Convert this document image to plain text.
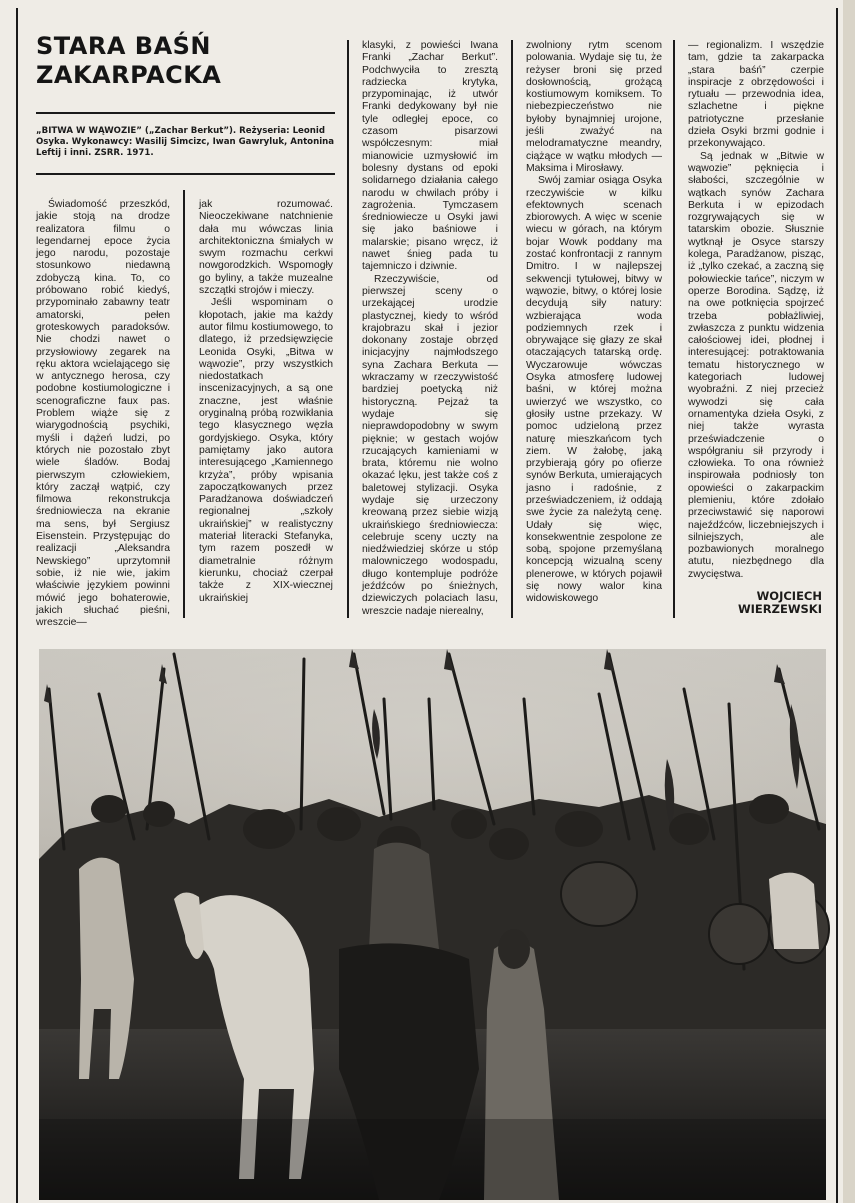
STARA BAŚŃ
ZAKARPACKA
„BITWA W WĄWOZIE” („Zachar Berkut”). Reżyseria: Leonid Osyka. Wykonawcy: Wasilij Simcizc, Iwan Gawryluk, Antonina Leftij i inni. ZSRR. 1971.

Świadomość przeszkód, jakie stoją na drodze realizatora filmu o legendarnej epoce życia jego narodu, pozostaje stosunkowo niedawną zdobyczą kina. To, co próbowano robić kiedyś, przypominało zabawny teatr amatorski, pełen groteskowych paradoksów. Nie chodzi nawet o przysłowiowy zegarek na ręku aktora wcielającego się w antycznego herosa, czy podobne kostiumologiczne i scenograficzne faux pas. Problem wiąże się z wiarygodnością psychiki, myśli i dążeń ludzi, po których nie pozostało zbyt wiele śladów. Bodaj pierwszym człowiekiem, który zaczął wątpić, czy filmowa rekonstrukcja średniowiecza na ekranie ma sens, był Sergiusz Eisenstein. Przystępując do realizacji „Aleksandra Newskiego” uprzytomnił sobie, iż nie wie, jakim właściwie językiem powinni mówić jego bohaterowie, jakich słuchać pieśni, wreszcie—

jak rozumować. Nieoczekiwane natchnienie dała mu wówczas linia architektoniczna śmiałych w swym rozmachu cerkwi nowgorodzkich. Wspomogły go byliny, a także muzealne szczątki strojów i mieczy.

Jeśli wspominam o kłopotach, jakie ma każdy autor filmu kostiumowego, to dlatego, iż przedsięwzięcie Leonida Osyki, „Bitwa w wąwozie”, przy wszystkich niedostatkach inscenizacyjnych, a są one znaczne, jest właśnie oryginalną próbą rozwikłania tego klasycznego węzła gordyjskiego. Osyka, który pamiętamy jako autora interesującego „Kamiennego krzyża”, próby wpisania zapoczątkowanych przez Paradżanowa doświadczeń regionalnej „szkoły ukraińskiej” w realistyczny materiał literacki Stefanyka, tym razem poszedł w diametralnie różnym kierunku, chociaż czerpał także z XIX-wiecznej ukraińskiej

klasyki, z powieści Iwana Franki „Zachar Berkut”. Podchwyciła to zresztą radziecka krytyka, przypominając, iż utwór Franki dedykowany był nie tyle odległej epoce, co czasom pisarzowi współczesnym: miał mianowicie uzmysłowić im bolesny dystans od epoki solidarnego działania całego narodu w chwilach próby i zagrożenia. Tymczasem średniowiecze u Osyki jawi się jako baśniowe i malarskie; pisano wręcz, iż nawet śnieg pada tu tajemniczo i dziwnie.

Rzeczywiście, od pierwszej sceny o urzekającej urodzie plastycznej, kiedy to wśród krajobrazu skał i jezior dokonany zostaje obrzęd inicjacyjny najmłodszego syna Zachara Berkuta — wkraczamy w rzeczywistość bardziej poetycką niż historyczną. Pejzaż ta wydaje się nieprawdopodobny w swym pięknie; w gestach wojów rzucających kamieniami w brata, któremu nie wolno okazać lęku, jest także coś z baletowej stylizacji. Osyka wydaje się urzeczony kreowaną przez siebie wizją ukraińskiego średniowiecza: celebruje sceny uczty na niedźwiedziej skórze u stóp malowniczego wodospadu, długo kontempluje podróże jeźdźców po śnieżnych, dziewiczych polaciach lasu, wreszcie nadaje nierealny,

zwolniony rytm scenom polowania. Wydaje się tu, że reżyser broni się przed dosłownością, grożącą kostiumowym komiksem. To niebezpieczeństwo nie byłoby bynajmniej urojone, jeśli zważyć na melodramatyczne meandry, ciążące w wątku młodych — Maksima i Mirosławy.

Swój zamiar osiąga Osyka rzeczywiście w kilku efektownych scenach zbiorowych. A więc w scenie wiecu w górach, na którym bojar Wowk poddany ma zostać konfrontacji z rannym Dmitro. I w najlepszej sekwencji tytułowej, bitwy w wąwozie, bitwy, o której losie decydują siły natury: wzbierająca woda podziemnych rzek i obrywające się głazy ze skał otaczających tatarską ordę. Wyczarowuje wówczas Osyka atmosferę ludowej baśni, w której można uwierzyć we wszystko, co głosiły ustne przekazy. W pomoc udzieloną przez naturę mieszkańcom tych ziem. W żałobę, jaką przybierają góry po ofierze synów Berkuta, umierających jasno i radośnie, z przeświadczeniem, iż oddają swe życie za należytą cenę. Udały się więc, konsekwentnie zespolone ze sobą, spojone przemyślaną koncepcją wizualną sceny plenerowe, w których pojawił się nowy walor kina widowiskowego

— regionalizm. I wszędzie tam, gdzie ta zakarpacka „stara baśń” czerpie inspiracje z obrzędowości i rytuału — przewodnia idea, szlachetne i piękne patriotyczne przesłanie dzieła Osyki brzmi godnie i przekonywająco.

Są jednak w „Bitwie w wąwozie” pęknięcia i słabości, szczególnie w wątkach synów Zachara Berkuta i w epizodach rozgrywających się w tatarskim obozie. Słusznie wytknął je Osyce starszy kolega, Paradżanow, pisząc, iż „tylko czekać, a zaczną się połowieckie tańce”, niczym w operze Borodina. Sądzę, iż na owe potknięcia spojrzeć trzeba pobłażliwiej, zwłaszcza z punktu widzenia całościowej idei, płodnej i interesującej: potraktowania tematu historycznego w kategoriach ludowej wyobraźni. Z niej przecież wywodzi się cała ornamentyka dzieła Osyki, z niej także wyrasta przeświadczenie o współgraniu sił przyrody i człowieka. To ona również inspirowała podniosły ton opowieści o zakarpackim plemieniu, które zdołało przeciwstawić się naporowi najeźdźców, liczebniejszych i silniejszych, ale pozbawionych moralnego atutu, niezbędnego dla zwycięstwa.

WOJCIECH
WIERZEWSKI
